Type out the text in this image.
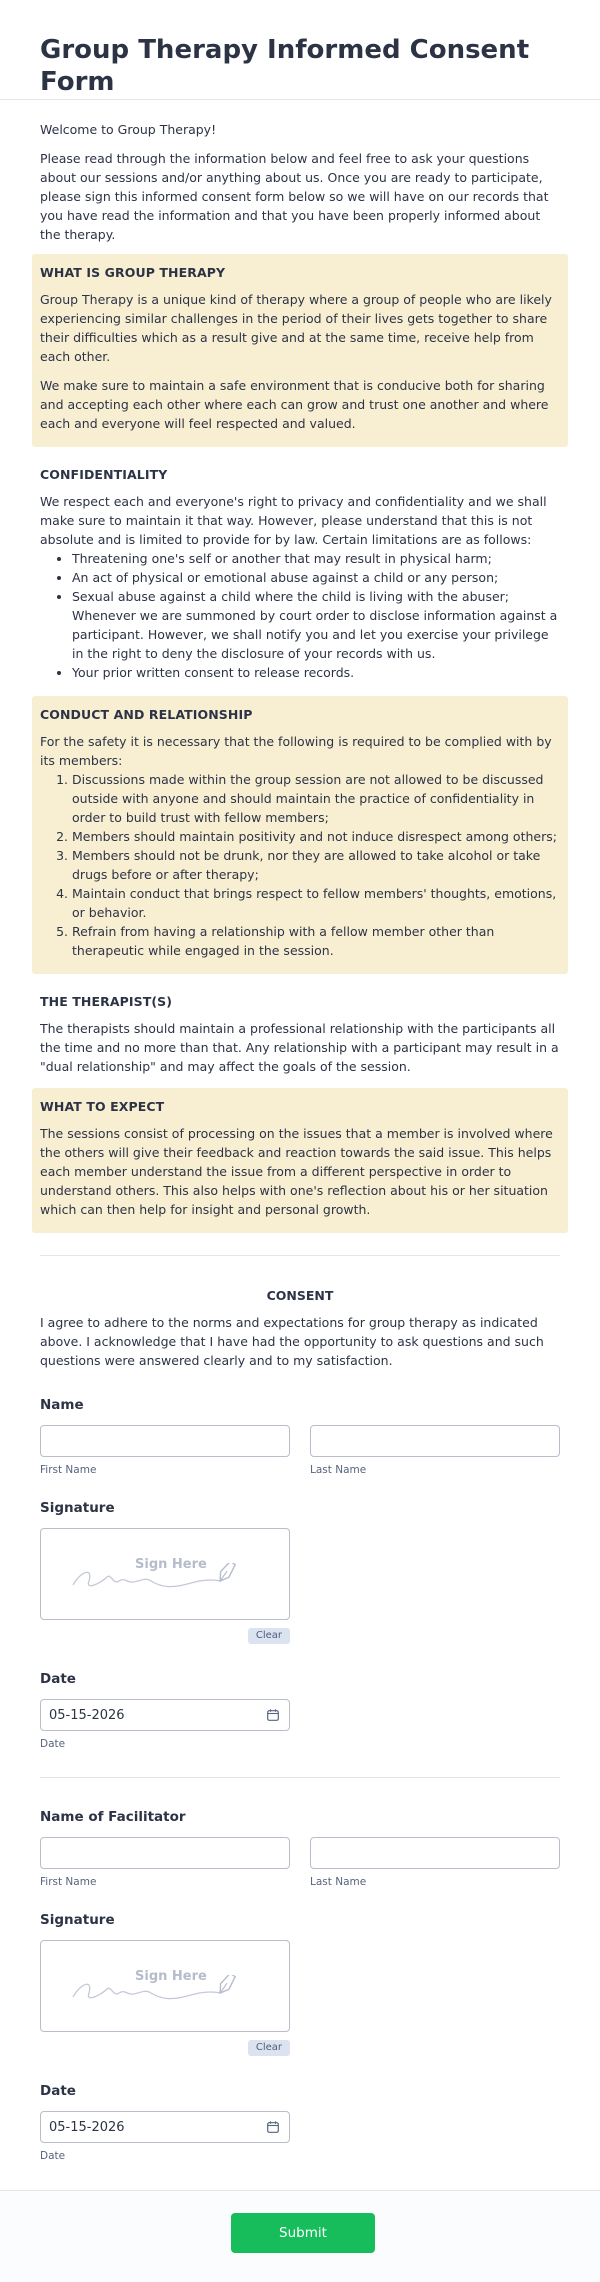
Group Therapy Informed Consent Form

Welcome to Group Therapy!

Please read through the information below and feel free to ask your questions about our sessions and/or anything about us. Once you are ready to participate, please sign this informed consent form below so we will have on our records that you have read the information and that you have been properly informed about the therapy.

WHAT IS GROUP THERAPY

Group Therapy is a unique kind of therapy where a group of people who are likely experiencing similar challenges in the period of their lives gets together to share their difficulties which as a result give and at the same time, receive help from each other.

We make sure to maintain a safe environment that is conducive both for sharing and accepting each other where each can grow and trust one another and where each and everyone will feel respected and valued.

CONFIDENTIALITY

We respect each and everyone's right to privacy and confidentiality and we shall make sure to maintain it that way. However, please understand that this is not absolute and is limited to provide for by law. Certain limitations are as follows:

• Threatening one's self or another that may result in physical harm;
• An act of physical or emotional abuse against a child or any person;
• Sexual abuse against a child where the child is living with the abuser;
Whenever we are summoned by court order to disclose information against a participant. However, we shall notify you and let you exercise your privilege in the right to deny the disclosure of your records with us.
• Your prior written consent to release records.
CONDUCT AND RELATIONSHIP

For the safety it is necessary that the following is required to be complied with by its members:

1. Discussions made within the group session are not allowed to be discussed outside with anyone and should maintain the practice of confidentiality in order to build trust with fellow members;
2. Members should maintain positivity and not induce disrespect among others;
3. Members should not be drunk, nor they are allowed to take alcohol or take drugs before or after therapy;
4. Maintain conduct that brings respect to fellow members' thoughts, emotions, or behavior.
5. Refrain from having a relationship with a fellow member other than therapeutic while engaged in the session.
THE THERAPIST(S)

The therapists should maintain a professional relationship with the participants all the time and no more than that. Any relationship with a participant may result in a "dual relationship" and may affect the goals of the session.

WHAT TO EXPECT

The sessions consist of processing on the issues that a member is involved where the others will give their feedback and reaction towards the said issue. This helps each member understand the issue from a different perspective in order to understand others. This also helps with one's reflection about his or her situation which can then help for insight and personal growth.

CONSENT

I agree to adhere to the norms and expectations for group therapy as indicated above. I acknowledge that I have had the opportunity to ask questions and such questions were answered clearly and to my satisfaction.

Name
First Name	Last Name
Signature
Sign Here
Clear
Date
05-15-2026
Date
Name of Facilitator
First Name	Last Name
Signature
Sign Here
Clear
Date
05-15-2026
Date
Submit
